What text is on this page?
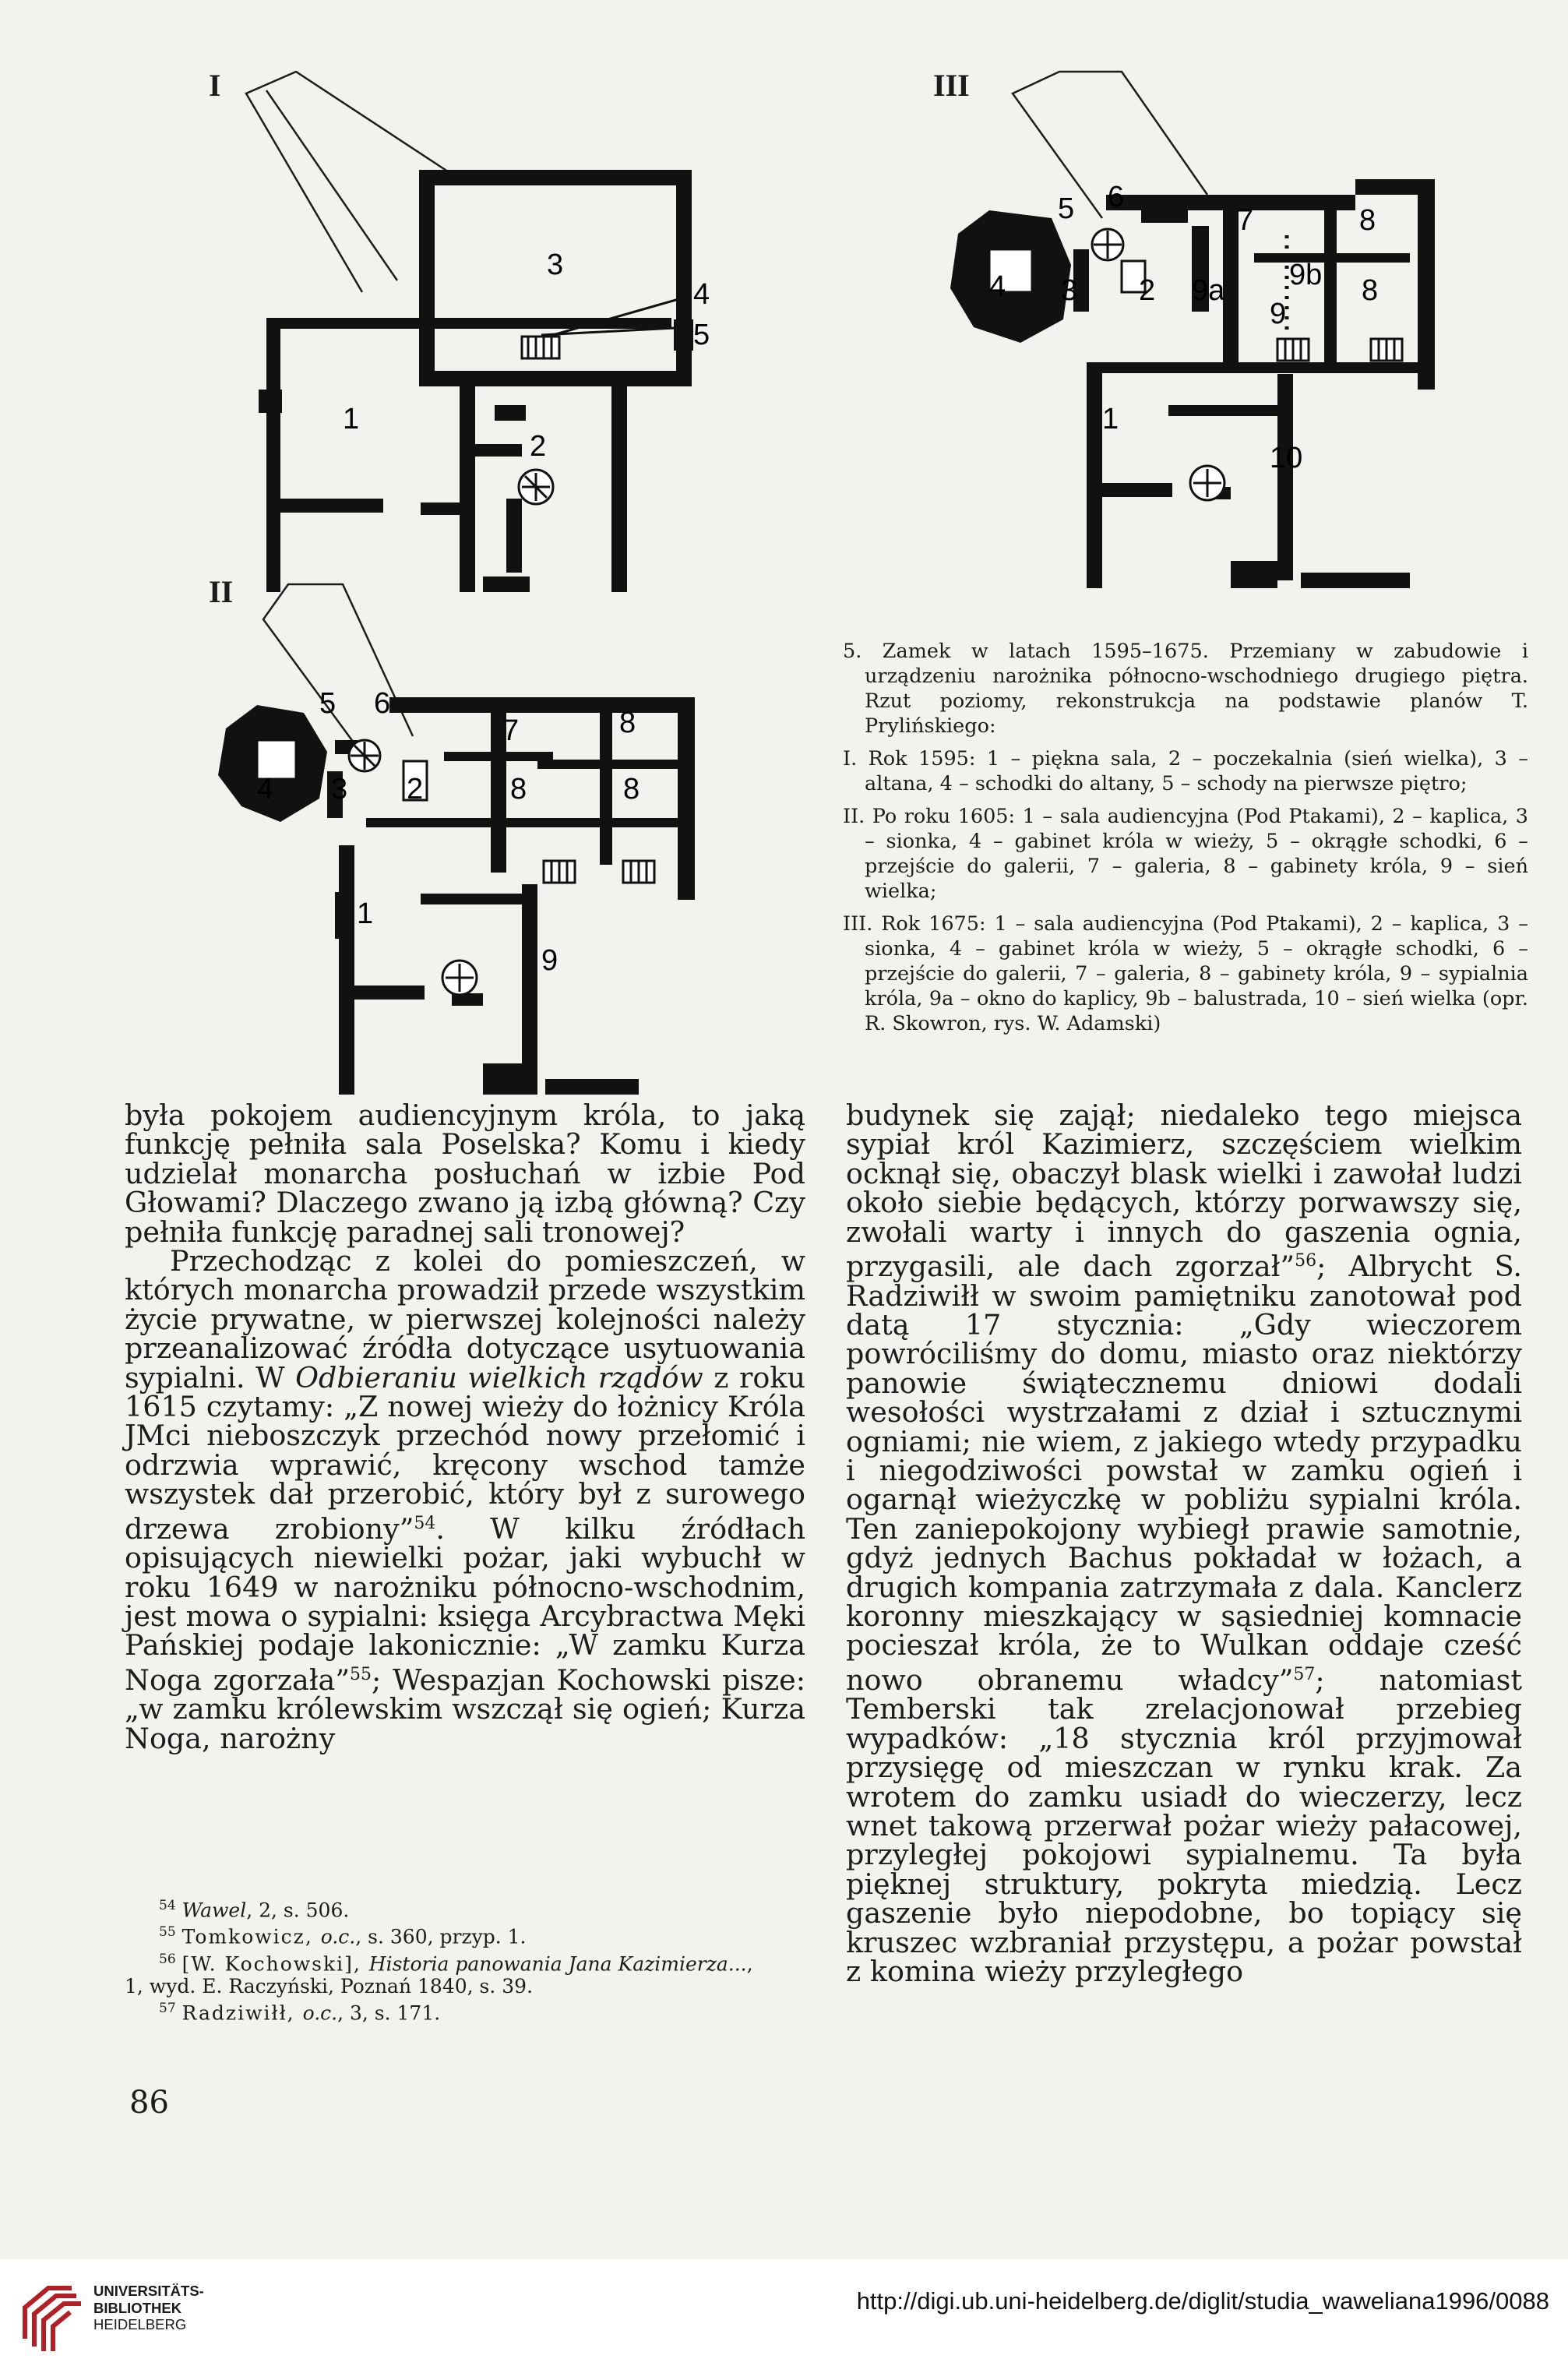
I
3
4
5
1
2
II
5 6
7	8
4 3 2	8	8
1
9
III
5 6
7	8
4 3 2 9a 9b
9
8
1
10

5. Zamek w latach 1595–1675. Przemiany w zabudowie i urządzeniu narożnika północno-wschodniego drugiego piętra. Rzut poziomy, rekonstrukcja na podstawie planów T. Prylińskiego:

I. Rok 1595: 1 – piękna sala, 2 – poczekalnia (sień wielka), 3 – altana, 4 – schodki do altany, 5 – schody na pierwsze piętro;

II. Po roku 1605: 1 – sala audiencyjna (Pod Ptakami), 2 – kaplica, 3 – sionka, 4 – gabinet króla w wieży, 5 – okrągłe schodki, 6 – przejście do galerii, 7 – galeria, 8 – gabinety króla, 9 – sień wielka;

III. Rok 1675: 1 – sala audiencyjna (Pod Ptakami), 2 – kaplica, 3 – sionka, 4 – gabinet króla w wieży, 5 – okrągłe schodki, 6 – przejście do galerii, 7 – galeria, 8 – gabinety króla, 9 – sypialnia króla, 9a – okno do kaplicy, 9b – balustrada, 10 – sień wielka (opr. R. Skowron, rys. W. Adamski)

była pokojem audiencyjnym króla, to jaką funkcję pełniła sala Poselska? Komu i kiedy udzielał monarcha posłuchań w izbie Pod Głowami? Dlaczego zwano ją izbą główną? Czy pełniła funkcję paradnej sali tronowej?

Przechodząc z kolei do pomieszczeń, w których monarcha prowadził przede wszystkim życie prywatne, w pierwszej kolejności należy przeanalizować źródła dotyczące usytuowania sypialni. W Odbieraniu wielkich rządów z roku 1615 czytamy: „Z nowej wieży do łożnicy Króla JMci nieboszczyk przechód nowy przełomić i odrzwia wprawić, kręcony wschod tamże wszystek dał przerobić, który był z surowego drzewa zrobiony”$^{54}$. W kilku źródłach opisujących niewielki pożar, jaki wybuchł w roku 1649 w narożniku północno-wschodnim, jest mowa o sypialni: księga Arcybractwa Męki Pańskiej podaje lakonicznie: „W zamku Kurza Noga zgorzała”$^{55}$; Wespazjan Kochowski pisze: „w zamku królewskim wszczął się ogień; Kurza Noga, narożny

budynek się zajął; niedaleko tego miejsca sypiał król Kazimierz, szczęściem wielkim ocknął się, obaczył blask wielki i zawołał ludzi około siebie będących, którzy porwawszy się, zwołali warty i innych do gaszenia ognia, przygasili, ale dach zgorzał”$^{56}$; Albrycht S. Radziwiłł w swoim pamiętniku zanotował pod datą 17 stycznia: „Gdy wieczorem powróciliśmy do domu, miasto oraz niektórzy panowie świątecznemu dniowi dodali wesołości wystrzałami z dział i sztucznymi ogniami; nie wiem, z jakiego wtedy przypadku i niegodziwości powstał w zamku ogień i ogarnął wieżyczkę w pobliżu sypialni króla. Ten zaniepokojony wybiegł prawie samotnie, gdyż jednych Bachus pokładał w łożach, a drugich kompania zatrzymała z dala. Kanclerz koronny mieszkający w sąsiedniej komnacie pocieszał króla, że to Wulkan oddaje cześć nowo obranemu władcy”$^{57}$; natomiast Temberski tak zrelacjonował przebieg wypadków: „18 stycznia król przyjmował przysięgę od mieszczan w rynku krak. Za wrotem do zamku usiadł do wieczerzy, lecz wnet takową przerwał pożar wieży pałacowej, przyległej pokojowi sypialnemu. Ta była pięknej struktury, pokryta miedzią. Lecz gaszenie było niepodobne, bo topiący się kruszec wzbraniał przystępu, a pożar powstał z komina wieży przyległego

$^{54}$ Wawel, 2, s. 506.

$^{55}$ Tomkowicz, o.c., s. 360, przyp. 1.

$^{56}$ [W. Kochowski], Historia panowania Jana Kazimierza...,

1, wyd. E. Raczyński, Poznań 1840, s. 39.

$^{57}$ Radziwiłł, o.c., 3, s. 171.

86
UNIVERSITÄTS-
BIBLIOTHEK
HEIDELBERG
http://digi.ub.uni-heidelberg.de/diglit/studia_waweliana1996/0088
